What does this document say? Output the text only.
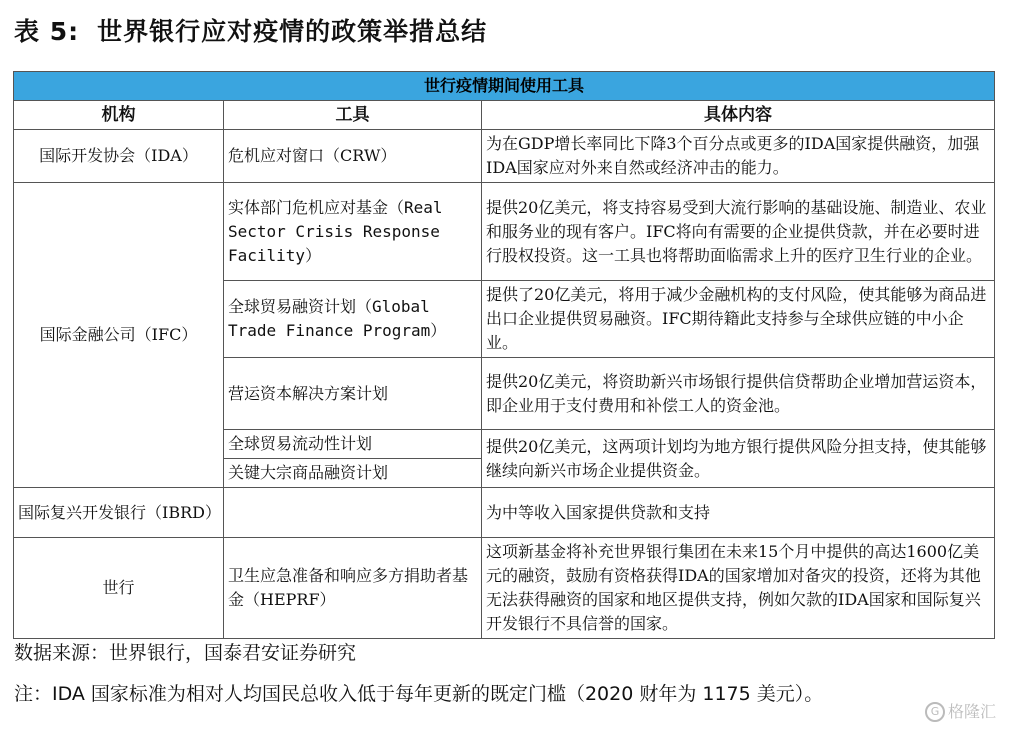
表 5: 世界银行应对疫情的政策举措总结
世行疫情期间使用工具		
机构	工具	具体内容
国际开发协会（IDA）	危机应对窗口（CRW）	为在GDP增长率同比下降3个百分点或更多的IDA国家提供融资，加强IDA国家应对外来自然或经济冲击的能力。
国际金融公司（IFC）	实体部门危机应对基金（Real Sector Crisis Response Facility）	提供20亿美元，将支持容易受到大流行影响的基础设施、制造业、农业和服务业的现有客户。IFC将向有需要的企业提供贷款，并在必要时进行股权投资。这一工具也将帮助面临需求上升的医疗卫生行业的企业。
	全球贸易融资计划（Global Trade Finance Program）	提供了20亿美元，将用于减少金融机构的支付风险，使其能够为商品进出口企业提供贸易融资。IFC期待籍此支持参与全球供应链的中小企业。
	营运资本解决方案计划	提供20亿美元，将资助新兴市场银行提供信贷帮助企业增加营运资本，即企业用于支付费用和补偿工人的资金池。
	全球贸易流动性计划	提供20亿美元，这两项计划均为地方银行提供风险分担支持，使其能够继续向新兴市场企业提供资金。
	关键大宗商品融资计划	
国际复兴开发银行（IBRD）		为中等收入国家提供贷款和支持
世行	卫生应急准备和响应多方捐助者基金（HEPRF）	这项新基金将补充世界银行集团在未来15个月中提供的高达1600亿美元的融资，鼓励有资格获得IDA的国家增加对备灾的投资，还将为其他无法获得融资的国家和地区提供支持，例如欠款的IDA国家和国际复兴开发银行不具信誉的国家。
数据来源：世界银行，国泰君安证券研究
注：IDA 国家标准为相对人均国民总收入低于每年更新的既定门槛（2020 财年为 1175 美元）。
G 格隆汇
